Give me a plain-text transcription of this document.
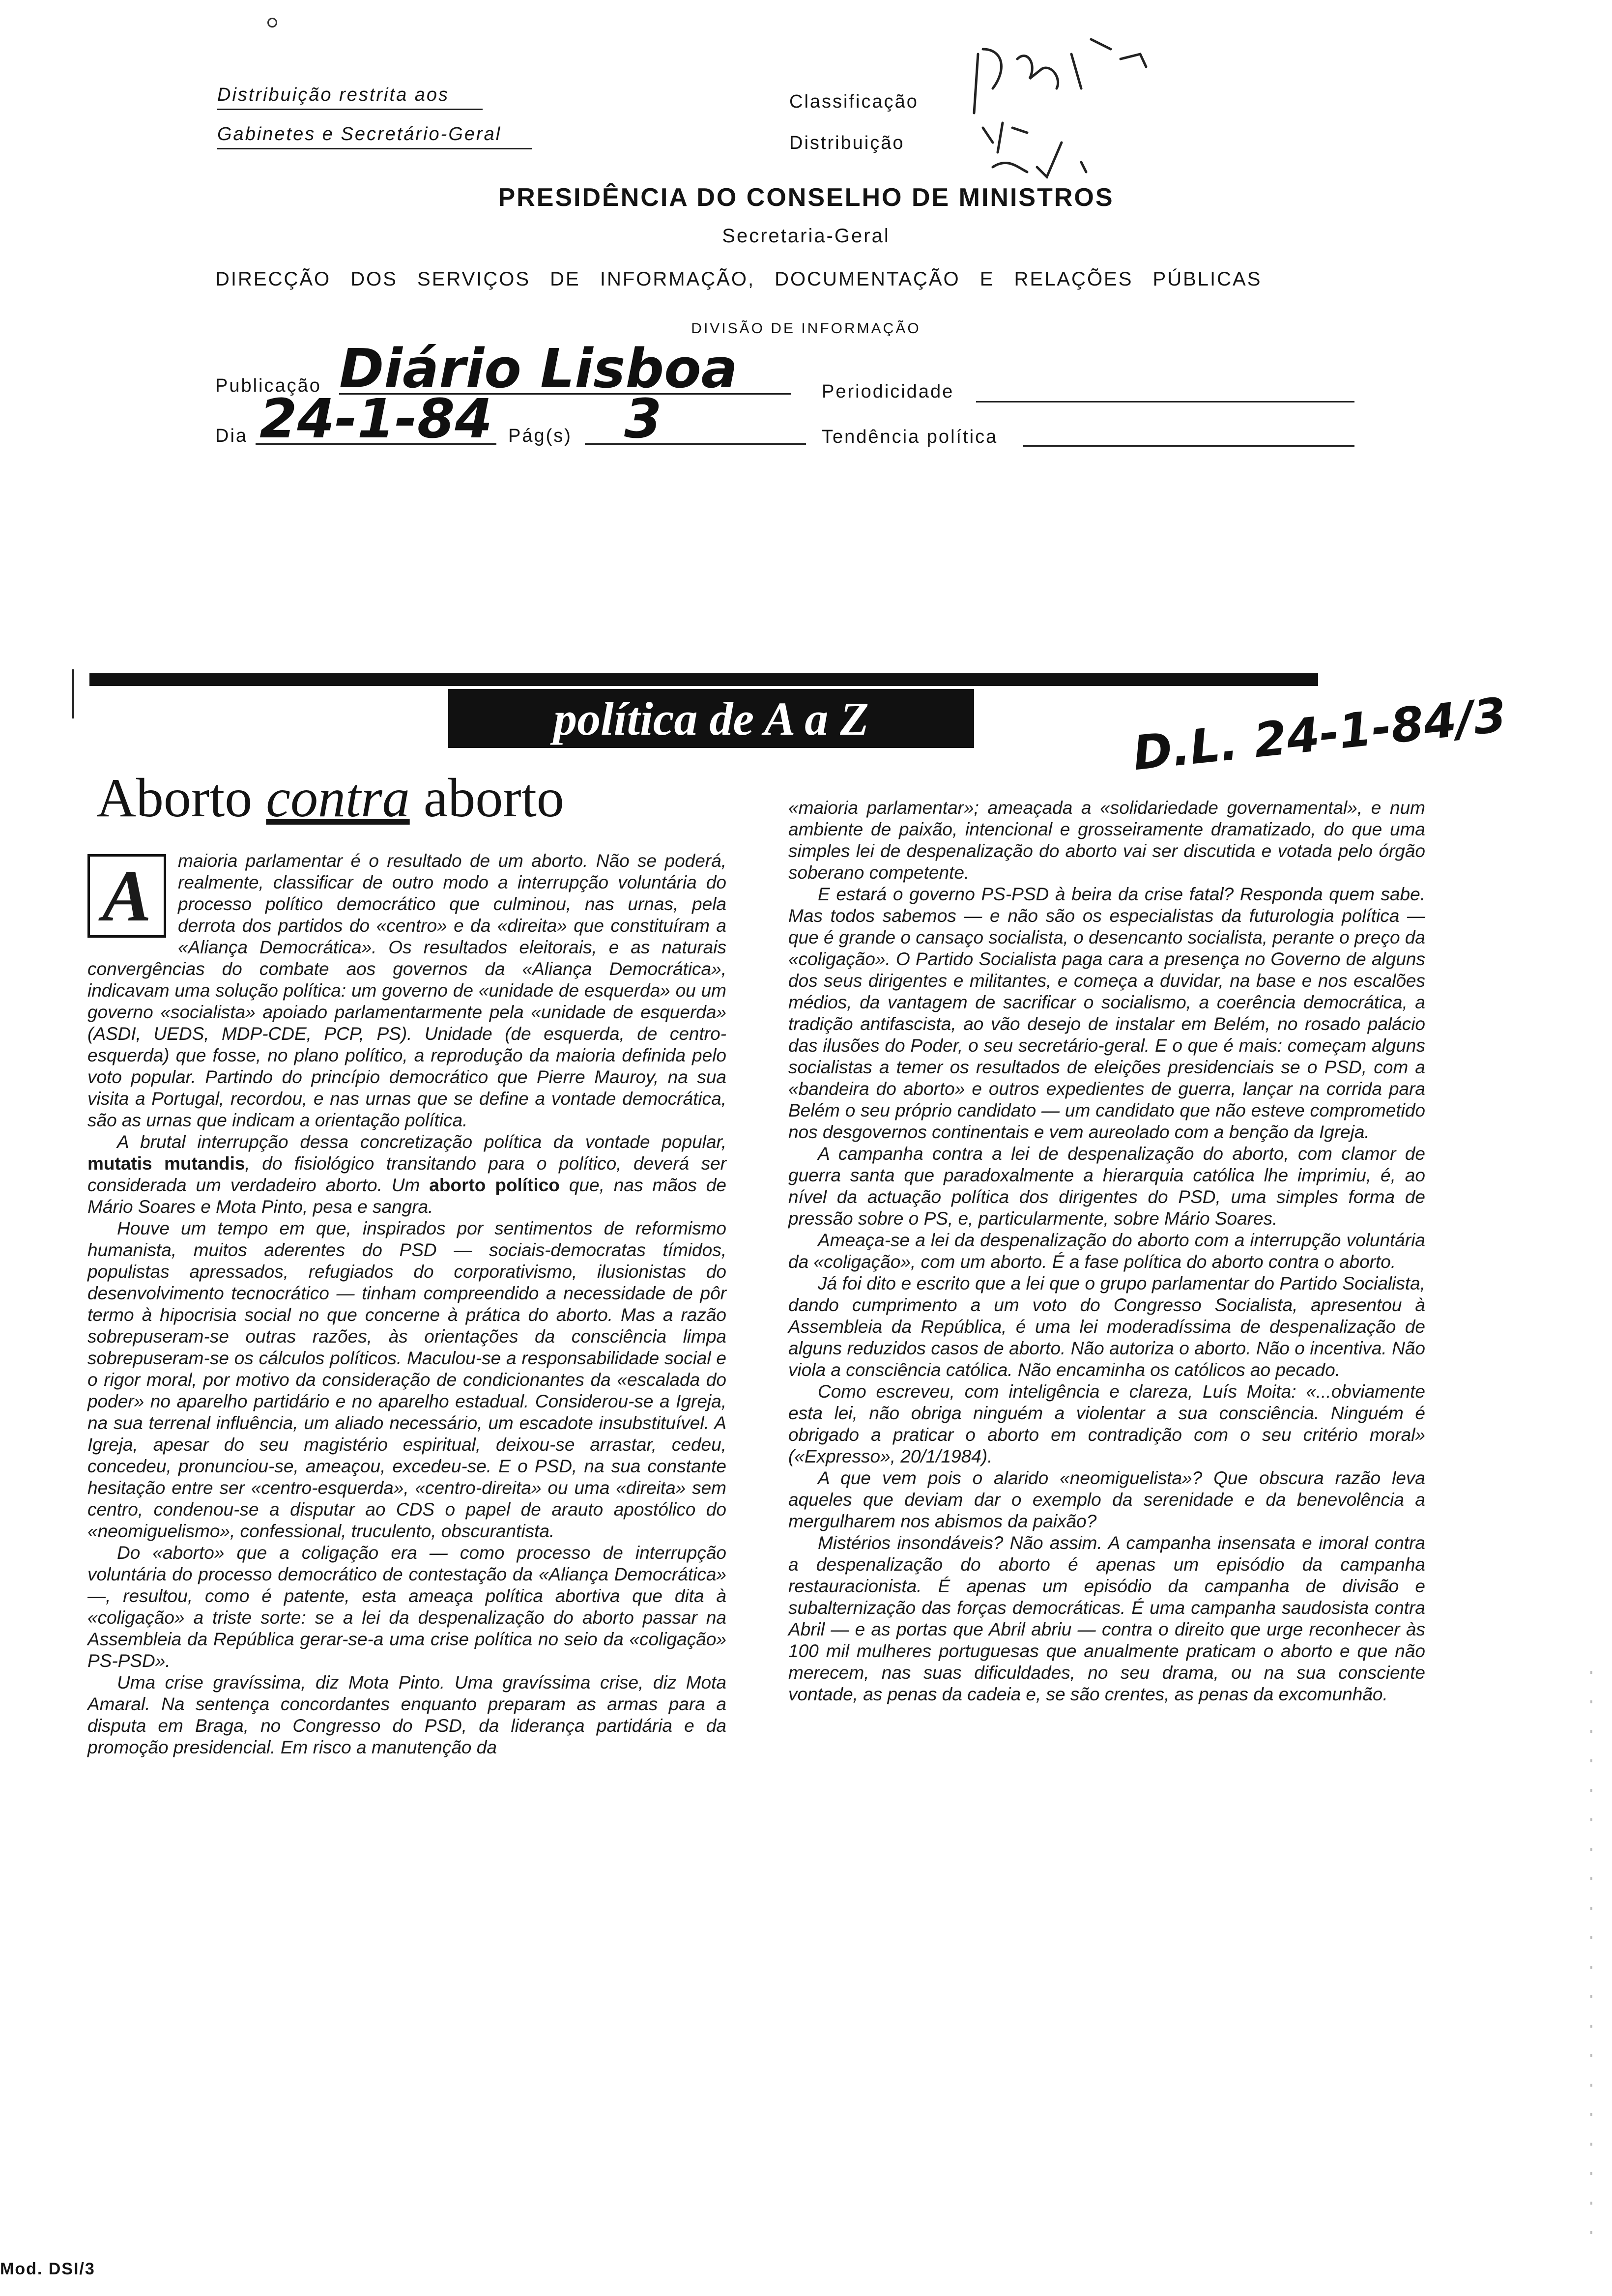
Distribuição restrita aos
Gabinetes e Secretário-Geral
Classificação
Distribuição
PRESIDÊNCIA DO CONSELHO DE MINISTROS
Secretaria-Geral
DIRECÇÃO DOS SERVIÇOS DE INFORMAÇÃO, DOCUMENTAÇÃO E RELAÇÕES PÚBLICAS
DIVISÃO DE INFORMAÇÃO
Publicação Diário Lisboa	Periodicidade
Dia 24-1-84 Pág(s) 3	Tendência política
política de A a Z	D.L. 24-1-84/3
Aborto contra aborto
A	maioria parlamentar é o resultado de um aborto. Não se poderá, realmente, classificar de outro modo a interrupção voluntária do processo político democrático que culminou, nas urnas, pela derrota dos partidos do «centro» e da «direita» que constituíram a «Aliança Democrática». Os resultados eleitorais, e as naturais convergências do combate aos governos da «Aliança Democrática», indicavam uma solução política: um governo de «unidade de esquerda» ou um governo «socialista» apoiado parlamentarmente pela «unidade de esquerda» (ASDI, UEDS, MDP-CDE, PCP, PS). Unidade (de esquerda, de centro-esquerda) que fosse, no plano político, a reprodução da maioria definida pelo voto popular. Partindo do princípio democrático que Pierre Mauroy, na sua visita a Portugal, recordou, e nas urnas que se define a vontade democrática, são as urnas que indicam a orientação política.

A brutal interrupção dessa concretização política da vontade popular, mutatis mutandis, do fisiológico transitando para o político, deverá ser considerada um verdadeiro aborto. Um aborto político que, nas mãos de Mário Soares e Mota Pinto, pesa e sangra.

Houve um tempo em que, inspirados por sentimentos de reformismo humanista, muitos aderentes do PSD — sociais-democratas tímidos, populistas apressados, refugiados do corporativismo, ilusionistas do desenvolvimento tecnocrático — tinham compreendido a necessidade de pôr termo à hipocrisia social no que concerne à prática do aborto. Mas a razão sobrepuseram-se outras razões, às orientações da consciência limpa sobrepuseram-se os cálculos políticos. Maculou-se a responsabilidade social e o rigor moral, por motivo da consideração de condicionantes da «escalada do poder» no aparelho partidário e no aparelho estadual. Considerou-se a Igreja, na sua terrenal influência, um aliado necessário, um escadote insubstituível. A Igreja, apesar do seu magistério espiritual, deixou-se arrastar, cedeu, concedeu, pronunciou-se, ameaçou, excedeu-se. E o PSD, na sua constante hesitação entre ser «centro-esquerda», «centro-direita» ou uma «direita» sem centro, condenou-se a disputar ao CDS o papel de arauto apostólico do «neomiguelismo», confessional, truculento, obscurantista.

Do «aborto» que a coligação era — como processo de interrupção voluntária do processo democrático de contestação da «Aliança Democrática» —, resultou, como é patente, esta ameaça política abortiva que dita à «coligação» a triste sorte: se a lei da despenalização do aborto passar na Assembleia da República gerar-se-a uma crise política no seio da «coligação» PS-PSD».

Uma crise gravíssima, diz Mota Pinto. Uma gravíssima crise, diz Mota Amaral. Na sentença concordantes enquanto preparam as armas para a disputa em Braga, no Congresso do PSD, da liderança partidária e da promoção presidencial. Em risco a manutenção da

«maioria parlamentar»; ameaçada a «solidariedade governamental», e num ambiente de paixão, intencional e grosseiramente dramatizado, do que uma simples lei de despenalização do aborto vai ser discutida e votada pelo órgão soberano competente.

E estará o governo PS-PSD à beira da crise fatal? Responda quem sabe. Mas todos sabemos — e não são os especialistas da futurologia política — que é grande o cansaço socialista, o desencanto socialista, perante o preço da «coligação». O Partido Socialista paga cara a presença no Governo de alguns dos seus dirigentes e militantes, e começa a duvidar, na base e nos escalões médios, da vantagem de sacrificar o socialismo, a coerência democrática, a tradição antifascista, ao vão desejo de instalar em Belém, no rosado palácio das ilusões do Poder, o seu secretário-geral. E o que é mais: começam alguns socialistas a temer os resultados de eleições presidenciais se o PSD, com a «bandeira do aborto» e outros expedientes de guerra, lançar na corrida para Belém o seu próprio candidato — um candidato que não esteve comprometido nos desgovernos continentais e vem aureolado com a benção da Igreja.

A campanha contra a lei de despenalização do aborto, com clamor de guerra santa que paradoxalmente a hierarquia católica lhe imprimiu, é, ao nível da actuação política dos dirigentes do PSD, uma simples forma de pressão sobre o PS, e, particularmente, sobre Mário Soares.

Ameaça-se a lei da despenalização do aborto com a interrupção voluntária da «coligação», com um aborto. É a fase política do aborto contra o aborto.

Já foi dito e escrito que a lei que o grupo parlamentar do Partido Socialista, dando cumprimento a um voto do Congresso Socialista, apresentou à Assembleia da República, é uma lei moderadíssima de despenalização de alguns reduzidos casos de aborto. Não autoriza o aborto. Não o incentiva. Não viola a consciência católica. Não encaminha os católicos ao pecado.

Como escreveu, com inteligência e clareza, Luís Moita: «...obviamente esta lei, não obriga ninguém a violentar a sua consciência. Ninguém é obrigado a praticar o aborto em contradição com o seu critério moral» («Expresso», 20/1/1984).

A que vem pois o alarido «neomiguelista»? Que obscura razão leva aqueles que deviam dar o exemplo da serenidade e da benevolência a mergulharem nos abismos da paixão?

Mistérios insondáveis? Não assim. A campanha insensata e imoral contra a despenalização do aborto é apenas um episódio da campanha restauracionista. É apenas um episódio da campanha de divisão e subalternização das forças democráticas. É uma campanha saudosista contra Abril — e as portas que Abril abriu — contra o direito que urge reconhecer às 100 mil mulheres portuguesas que anualmente praticam o aborto e que não merecem, nas suas dificuldades, no seu drama, ou na sua consciente vontade, as penas da cadeia e, se são crentes, as penas da excomunhão.

Mod. DSI/3
